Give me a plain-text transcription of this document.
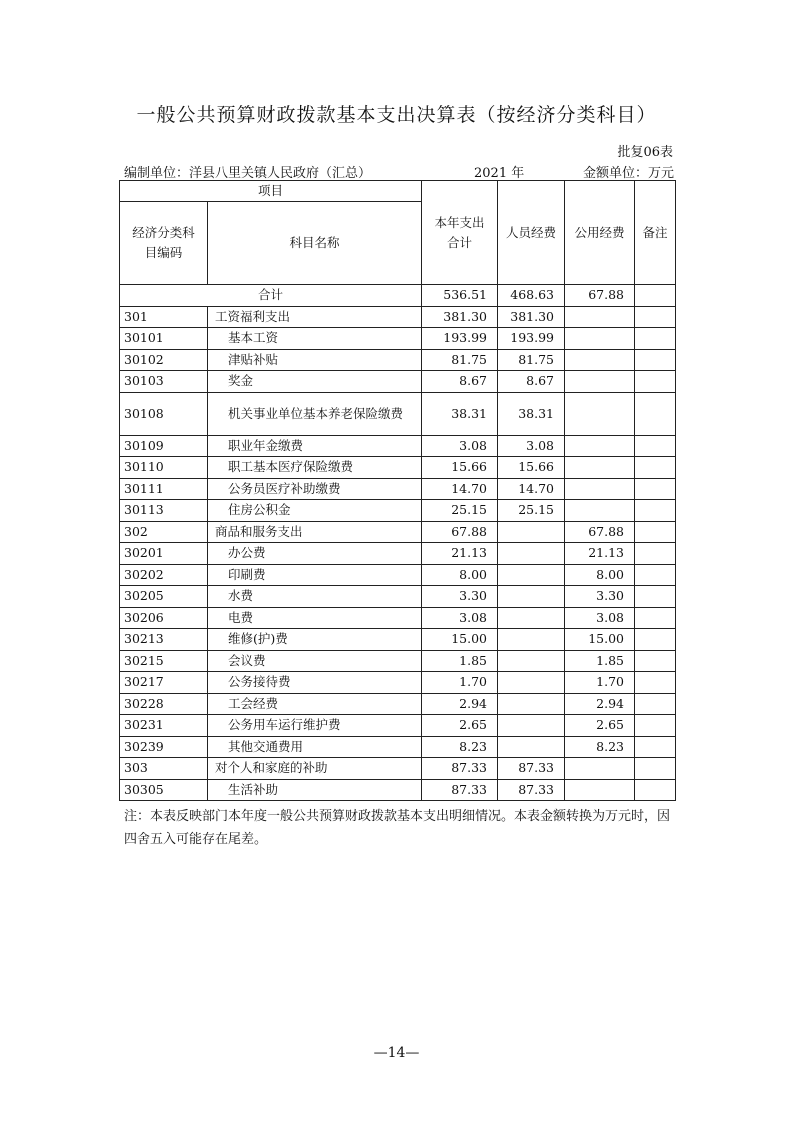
一般公共预算财政拨款基本支出决算表（按经济分类科目）
批复06表
编制单位：洋县八里关镇人民政府（汇总）	2021 年	金额单位：万元
项目		本年支出合计	人员经费	公用经费	备注

经济分类科目编码	科目名称				
合计		536.51	468.63	67.88	
301	工资福利支出	381.30	381.30		
30101	基本工资	193.99	193.99		
30102	津贴补贴	81.75	81.75		
30103	奖金	8.67	8.67		
30108	机关事业单位基本养老保险缴费	38.31	38.31		
30109	职业年金缴费	3.08	3.08		
30110	职工基本医疗保险缴费	15.66	15.66		
30111	公务员医疗补助缴费	14.70	14.70		
30113	住房公积金	25.15	25.15		
302	商品和服务支出	67.88		67.88	
30201	办公费	21.13		21.13	
30202	印刷费	8.00		8.00	
30205	水费	3.30		3.30	
30206	电费	3.08		3.08	
30213	维修(护)费	15.00		15.00	
30215	会议费	1.85		1.85	
30217	公务接待费	1.70		1.70	
30228	工会经费	2.94		2.94	
30231	公务用车运行维护费	2.65		2.65	
30239	其他交通费用	8.23		8.23	
303	对个人和家庭的补助	87.33	87.33		
30305	生活补助	87.33	87.33		
注：本表反映部门本年度一般公共预算财政拨款基本支出明细情况。本表金额转换为万元时，因四舍五入可能存在尾差。
—14—
